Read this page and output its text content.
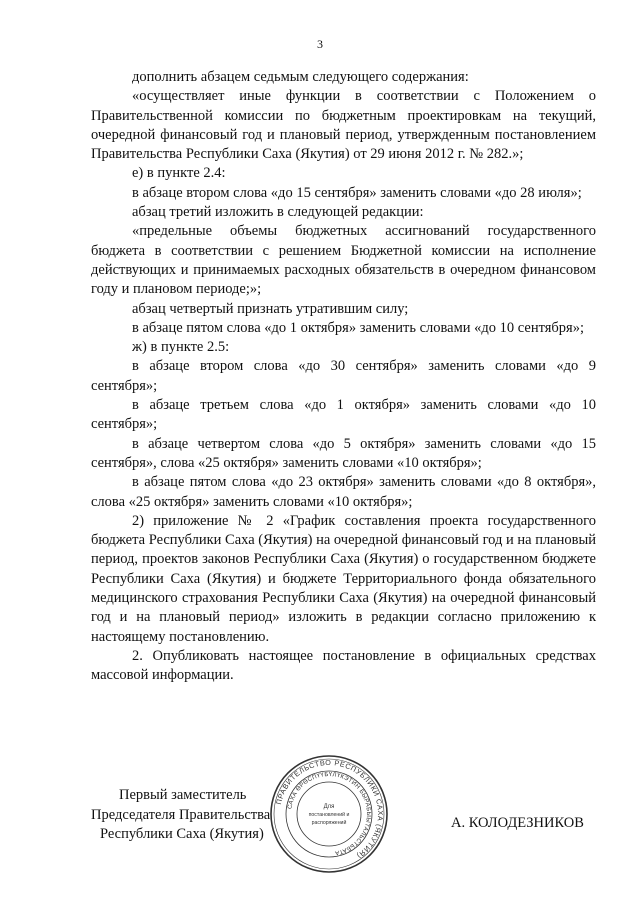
3

дополнить абзацем седьмым следующего содержания:

«осуществляет иные функции в соответствии с Положением о Правительственной комиссии по бюджетным проектировкам на текущий, очередной финансовый год и плановый период, утвержденным постановлением Правительства Республики Саха (Якутия) от 29 июня 2012 г. № 282.»;

е) в пункте 2.4:

в абзаце втором слова «до 15 сентября» заменить словами «до 28 июля»;

абзац третий изложить в следующей редакции:

«предельные объемы бюджетных ассигнований государственного бюджета в соответствии с решением Бюджетной комиссии на исполнение действующих и принимаемых расходных обязательств в очередном финансовом году и плановом периоде;»;

абзац четвертый признать утратившим силу;

в абзаце пятом слова «до 1 октября» заменить словами «до 10 сентября»;

ж) в пункте 2.5:

в абзаце втором слова «до 30 сентября» заменить словами «до 9 сентября»;

в абзаце третьем слова «до 1 октября» заменить словами «до 10 сентября»;

в абзаце четвертом слова «до 5 октября» заменить словами «до 15 сентября», слова «25 октября» заменить словами «10 октября»;

в абзаце пятом слова «до 23 октября» заменить словами «до 8 октября», слова «25 октября» заменить словами «10 октября»;

2) приложение № 2 «График составления проекта государственного бюджета Республики Саха (Якутия) на очередной финансовый год и на плановый период, проектов законов Республики Саха (Якутия) о государственном бюджете Республики Саха (Якутия) и бюджете Территориального фонда обязательного медицинского страхования Республики Саха (Якутия) на очередной финансовый год и на плановый период» изложить в редакции согласно приложению к настоящему постановлению.

2. Опубликовать настоящее постановление в официальных средствах массовой информации.

Первый заместитель
Председателя Правительства
Республики Саха (Якутия)
ПРАВИТЕЛЬСТВО РЕСПУБЛИКИ САХА (ЯКУТИЯ)
САХА ӨРӨСПҮҮБҮЛҮКЭТИН БЫРАБЫЫТАЛЬСТЬБАТА
Для
постановлений и
распоряжений	А. КОЛОДЕЗНИКОВ
